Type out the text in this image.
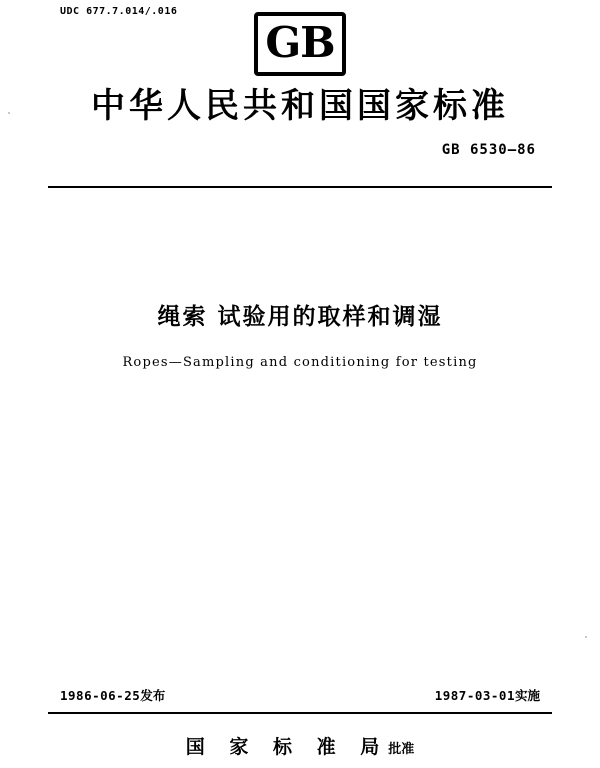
UDC 677.7.014/.016
GB
中华人民共和国国家标准
GB 6530—86
绳索 试验用的取样和调湿
Ropes—Sampling and conditioning for testing
1986-06-25发布	1987-03-01实施
国 家 标 准 局批准
